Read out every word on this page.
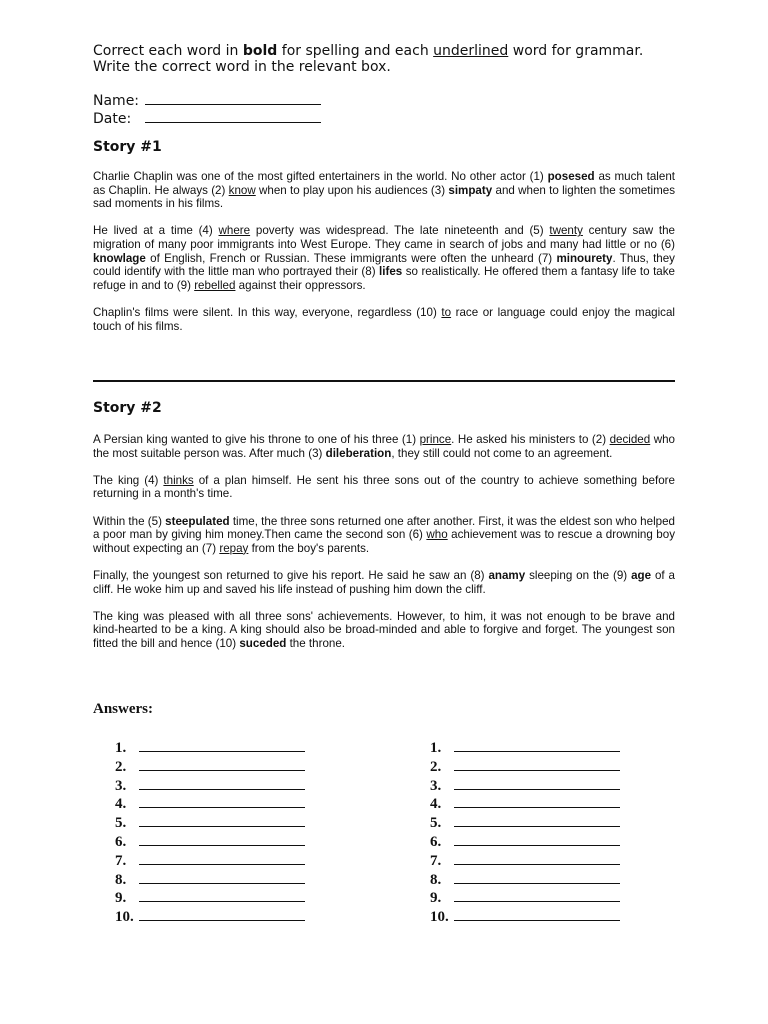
Correct each word in bold for spelling and each underlined word for grammar.
Write the correct word in the relevant box.
Name:
Date:
Story #1

Charlie Chaplin was one of the most gifted entertainers in the world. No other actor (1) posesed as much talent as Chaplin. He always (2) know when to play upon his audiences (3) simpaty and when to lighten the sometimes sad moments in his films.

He lived at a time (4) where poverty was widespread. The late nineteenth and (5) twenty century saw the migration of many poor immigrants into West Europe. They came in search of jobs and many had little or no (6) knowlage of English, French or Russian. These immigrants were often the unheard (7) minourety. Thus, they could identify with the little man who portrayed their (8) lifes so realistically. He offered them a fantasy life to take refuge in and to (9) rebelled against their oppressors.

Chaplin's films were silent. In this way, everyone, regardless (10) to race or language could enjoy the magical touch of his films.

Story #2

A Persian king wanted to give his throne to one of his three (1) prince. He asked his ministers to (2) decided who the most suitable person was. After much (3) dileberation, they still could not come to an agreement.

The king (4) thinks of a plan himself. He sent his three sons out of the country to achieve something before returning in a month's time.

Within the (5) steepulated time, the three sons returned one after another. First, it was the eldest son who helped a poor man by giving him money.Then came the second son (6) who achievement was to rescue a drowning boy without expecting an (7) repay from the boy's parents.

Finally, the youngest son returned to give his report. He said he saw an (8) anamy sleeping on the (9) age of a cliff. He woke him up and saved his life instead of pushing him down the cliff.

The king was pleased with all three sons' achievements. However, to him, it was not enough to be brave and kind-hearted to be a king. A king should also be broad-minded and able to forgive and forget. The youngest son fitted the bill and hence (10) suceded the throne.

Answers:
1.
2.
3.
4.
5.
6.
7.
8.
9.
10.
1.
2.
3.
4.
5.
6.
7.
8.
9.
10.
